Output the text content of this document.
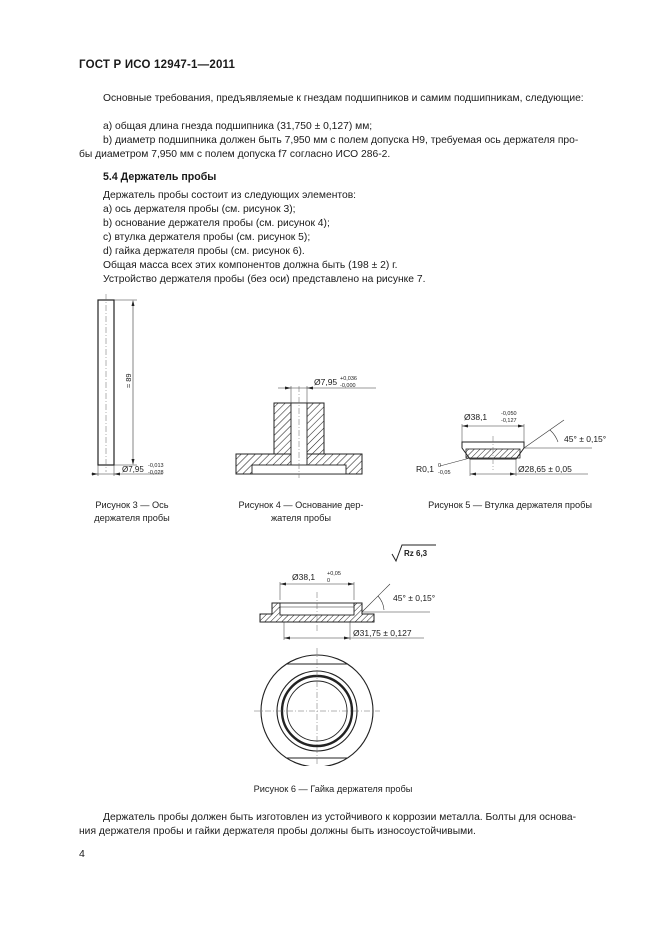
ГОСТ Р ИСО 12947-1—2011
Основные требования, предъявляемые к гнездам подшипников и самим подшипникам, следующие:
a) общая длина гнезда подшипника (31,750 ± 0,127) мм;
b) диаметр подшипника должен быть 7,950 мм с полем допуска H9, требуемая ось держателя про-
бы диаметром 7,950 мм с полем допуска f7 согласно ИСО 286-2.
5.4 Держатель пробы
Держатель пробы состоит из следующих элементов:
a) ось держателя пробы (см. рисунок 3);
b) основание держателя пробы (см. рисунок 4);
c) втулка держателя пробы (см. рисунок 5);
d) гайка держателя пробы (см. рисунок 6).
Общая масса всех этих компонентов должна быть (198 ± 2) г.
Устройство держателя пробы (без оси) представлено на рисунке 7.
≈ 89
Ø7,95 -0,013
-0,028
Рисунок 3 — Ось
держателя пробы
Ø7,95 +0,036
-0,000
Рисунок 4 — Основание дер-
жателя пробы
Ø38,1	-0,050
-0,127
45° ± 0,15°
R0,1 0
-0,05	Ø28,65 ± 0,05
Рисунок 5 — Втулка держателя пробы
Rz 6,3
Ø38,1 +0,05
0
45° ± 0,15°
Ø31,75 ± 0,127
Рисунок 6 — Гайка держателя пробы
Держатель пробы должен быть изготовлен из устойчивого к коррозии металла. Болты для основа-
ния держателя пробы и гайки держателя пробы должны быть износоустойчивыми.
4
